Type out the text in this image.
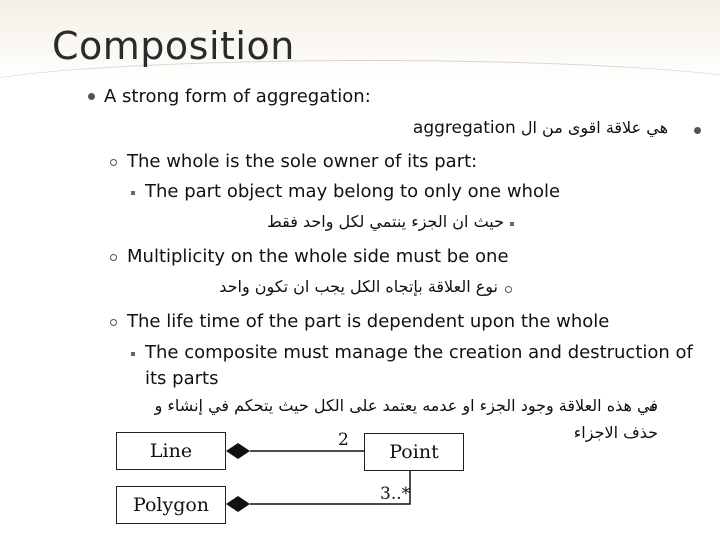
Composition
A strong form of aggregation:
هي علاقة اقوى من ال aggregation
The whole is the sole owner of its part:
The part object may belong to only one whole
حيث ان الجزء ينتمي لكل واحد فقط
Multiplicity on the whole side must be one
نوع العلاقة بإتجاه الكل يجب ان تكون واحد
The life time of the part is dependent upon the whole
The composite must manage the creation and destruction of
its parts
في هذه العلاقة وجود الجزء او عدمه يعتمد على الكل حيث يتحكم في إنشاء و
حذف الاجزاء
Line
Polygon
Point
2
3..*
